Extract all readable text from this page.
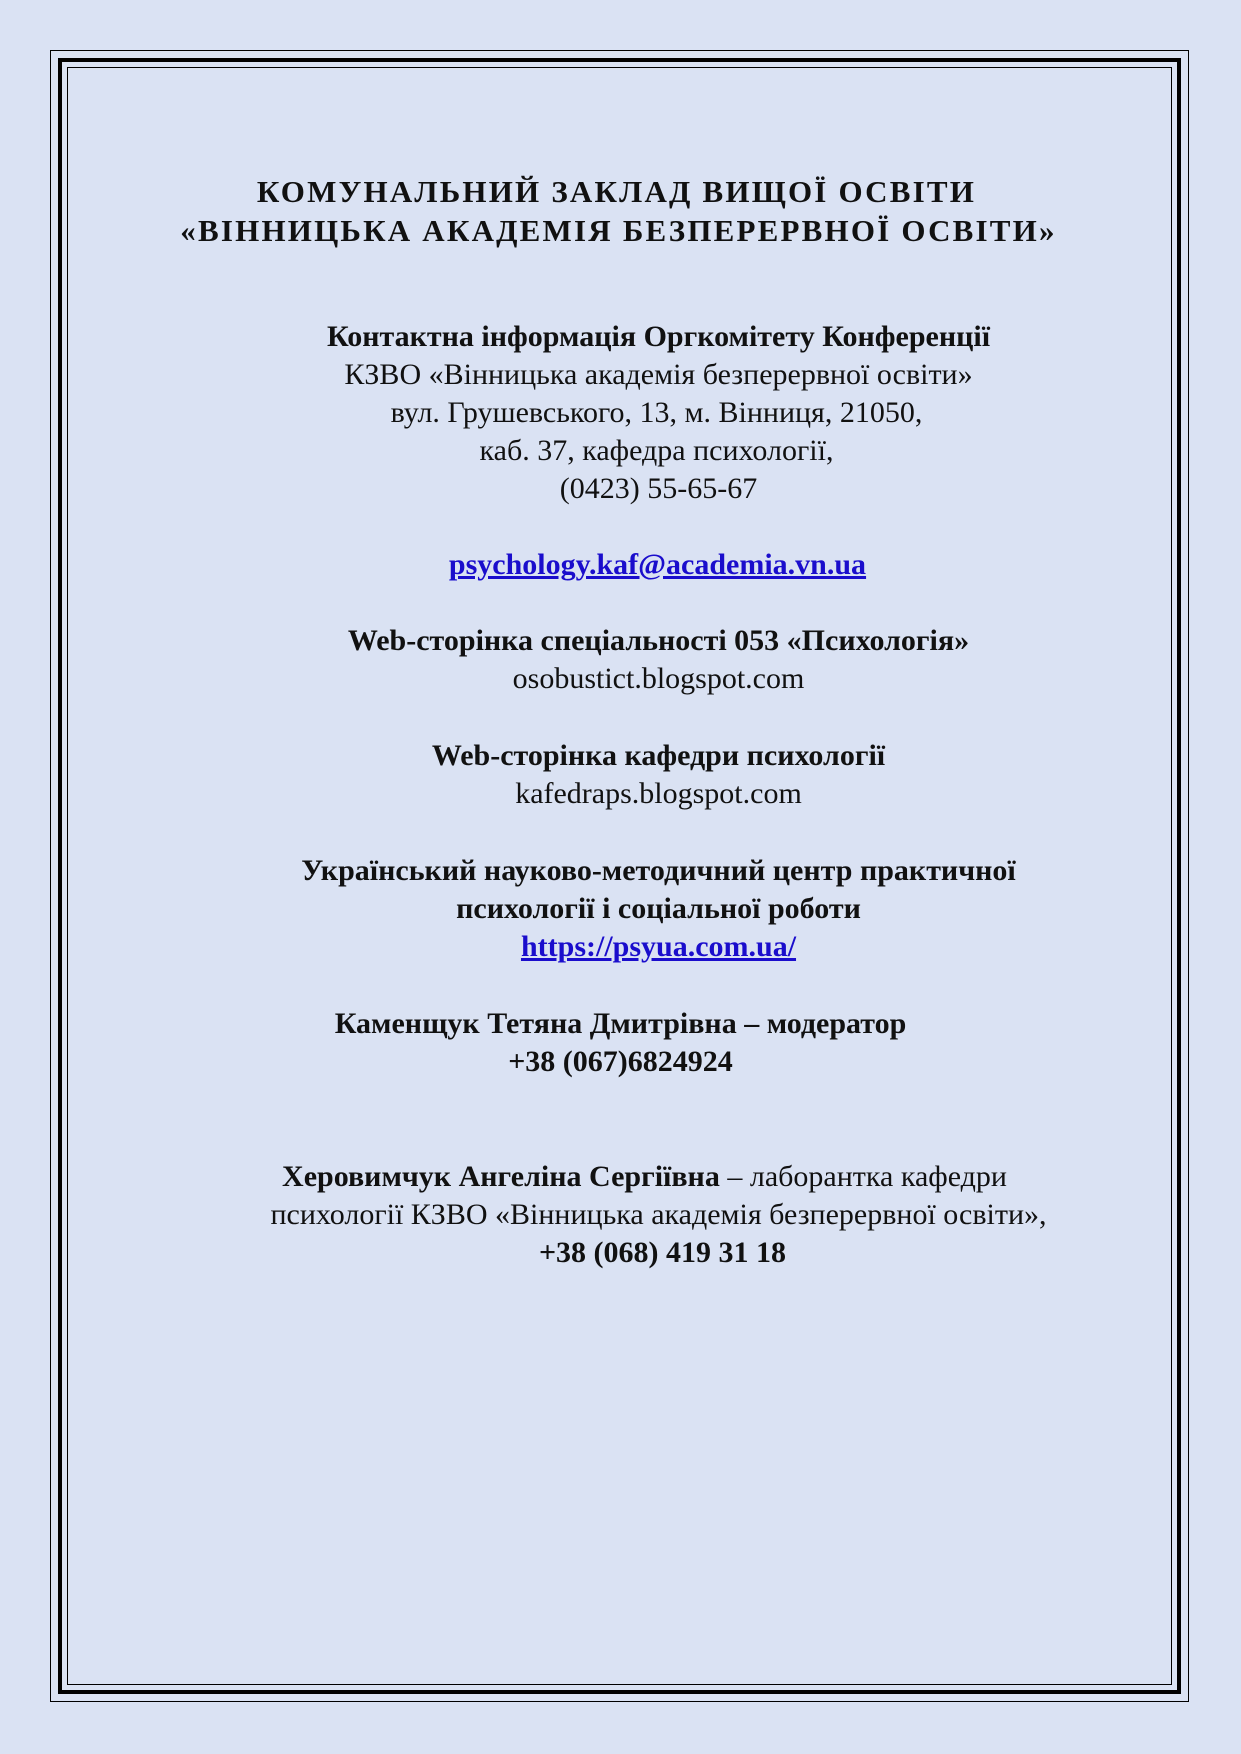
КОМУНАЛЬНИЙ ЗАКЛАД ВИЩОЇ ОСВІТИ
«ВІННИЦЬКА АКАДЕМІЯ БЕЗПЕРЕРВНОЇ ОСВІТИ»
Контактна інформація Оргкомітету Конференції
КЗВО «Вінницька академія безперервної освіти»
вул. Грушевського, 13, м. Вінниця, 21050,
каб. 37, кафедра психології,
(0423) 55-65-67
psychology.kaf@academia.vn.ua
Web-сторінка спеціальності 053 «Психологія»
osobustict.blogspot.com
Web-сторінка кафедри психології
kafedraps.blogspot.com
Український науково-методичний центр практичної
психології і соціальної роботи
https://psyua.com.ua/
Каменщук Тетяна Дмитрівна – модератор
+38 (067)6824924
Херовимчук Ангеліна Сергіївна – лаборантка кафедри
психології КЗВО «Вінницька академія безперервної освіти»,
+38 (068) 419 31 18
